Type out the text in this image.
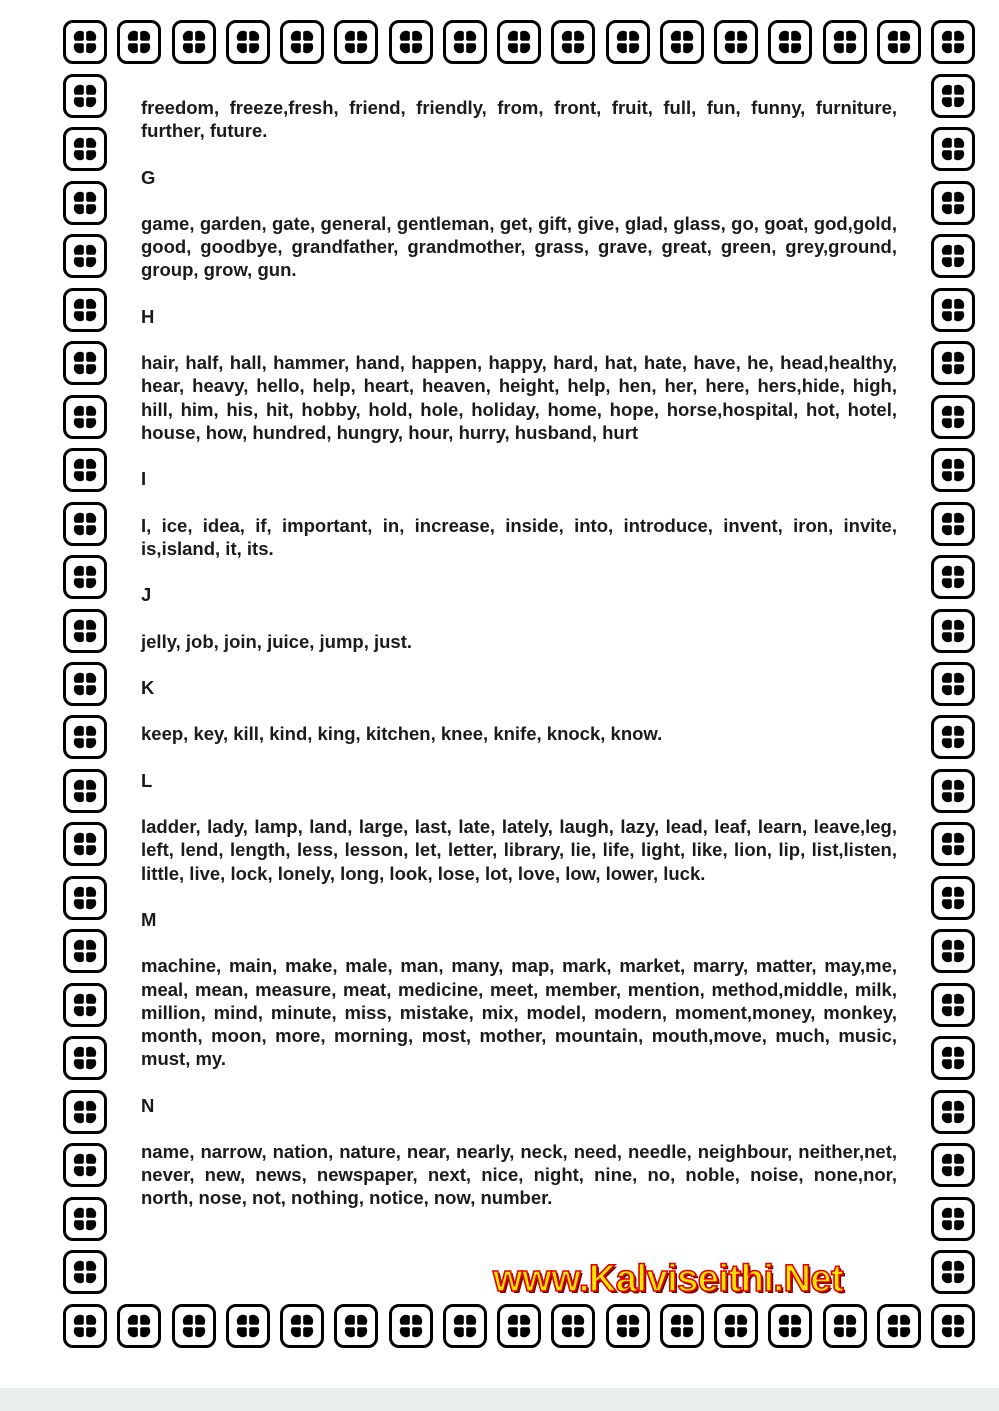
freedom, freeze,fresh, friend, friendly, from, front, fruit, full, fun, funny, furniture, further, future.

G

game, garden, gate, general, gentleman, get, gift, give, glad, glass, go, goat, god,gold, good, goodbye, grandfather, grandmother, grass, grave, great, green, grey,ground, group, grow, gun.

H

hair, half, hall, hammer, hand, happen, happy, hard, hat, hate, have, he, head,healthy, hear, heavy, hello, help, heart, heaven, height, help, hen, her, here, hers,hide, high, hill, him, his, hit, hobby, hold, hole, holiday, home, hope, horse,hospital, hot, hotel, house, how, hundred, hungry, hour, hurry, husband, hurt

I

I, ice, idea, if, important, in, increase, inside, into, introduce, invent, iron, invite, is,island, it, its.

J

jelly, job, join, juice, jump, just.

K

keep, key, kill, kind, king, kitchen, knee, knife, knock, know.

L

ladder, lady, lamp, land, large, last, late, lately, laugh, lazy, lead, leaf, learn, leave,leg, left, lend, length, less, lesson, let, letter, library, lie, life, light, like, lion, lip, list,listen, little, live, lock, lonely, long, look, lose, lot, love, low, lower, luck.

M

machine, main, make, male, man, many, map, mark, market, marry, matter, may,me, meal, mean, measure, meat, medicine, meet, member, mention, method,middle, milk, million, mind, minute, miss, mistake, mix, model, modern, moment,money, monkey, month, moon, more, morning, most, mother, mountain, mouth,move, much, music, must, my.

N

name, narrow, nation, nature, near, nearly, neck, need, needle, neighbour, neither,net, never, new, news, newspaper, next, nice, night, nine, no, noble, noise, none,nor, north, nose, not, nothing, notice, now, number.

www.Kalviseithi.Net
